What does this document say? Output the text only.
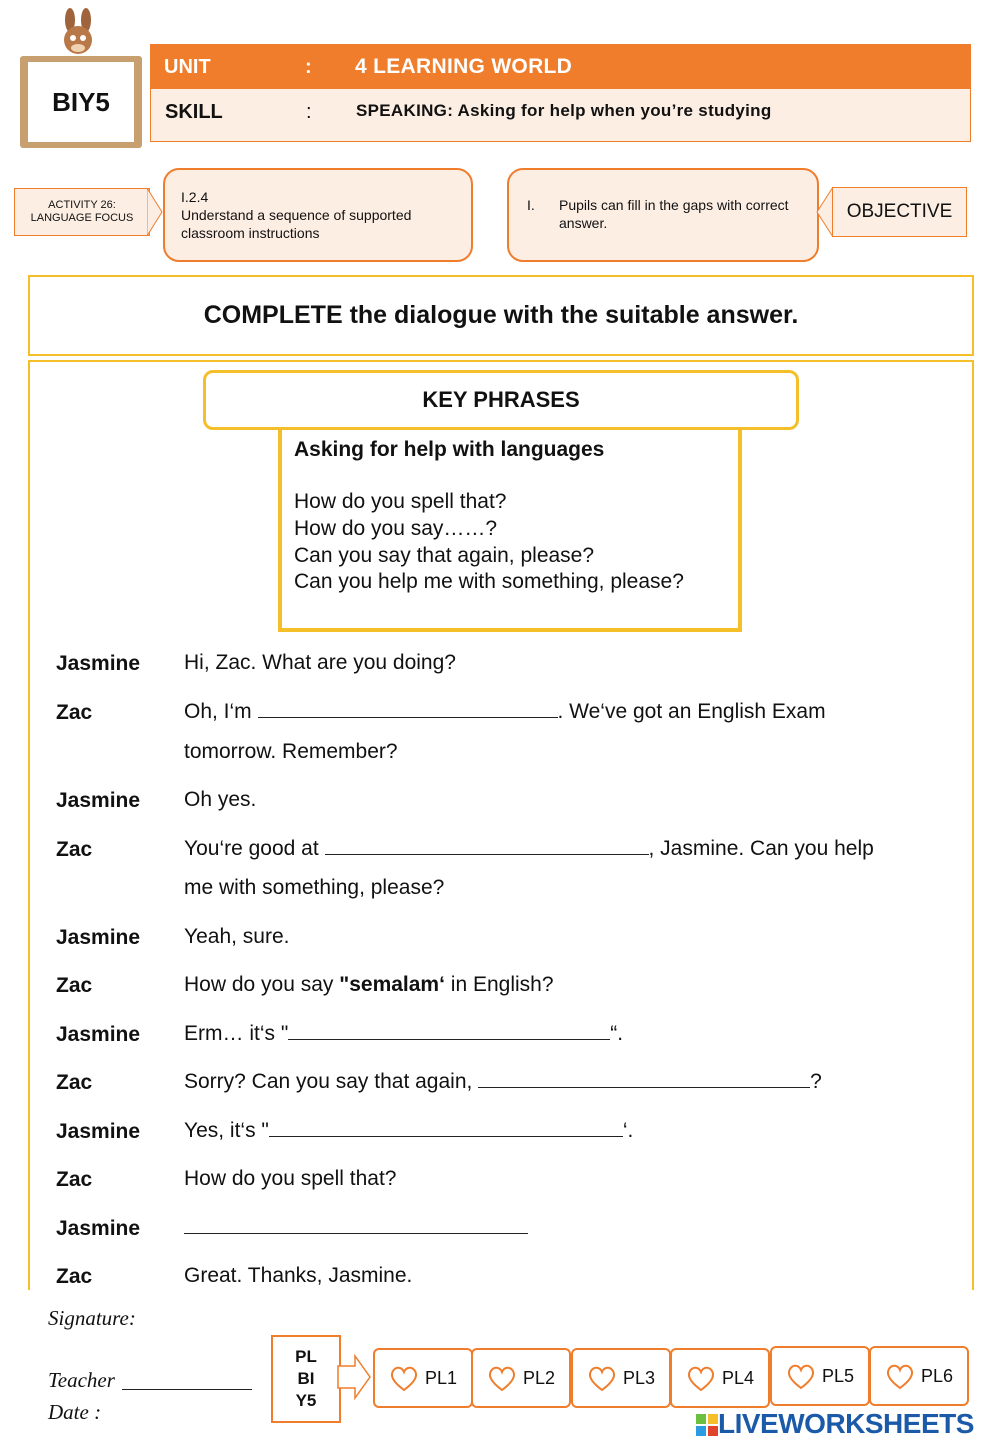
BIY5
UNIT	: 4 LEARNING WORLD
SKILL	:	SPEAKING: Asking for help when you’re studying
ACTIVITY 26:
LANGUAGE FOCUS
I.2.4
Understand a sequence of supported classroom instructions
I. Pupils can fill in the gaps with correct answer.
OBJECTIVE
COMPLETE the dialogue with the suitable answer.
Asking for help with languages
How do you spell that?
How do you say……?
Can you say that again, please?
Can you help me with something, please?
KEY PHRASES
Jasmine Hi, Zac. What are you doing?
Zac	Oh, I‘m	. We‘ve got an English Exam
tomorrow. Remember?
Jasmine Oh yes.
Zac	You‘re good at	, Jasmine. Can you help
me with something, please?
Jasmine Yeah, sure.
Zac	How do you say "semalam‘ in English?
Jasmine Erm… it‘s "	“.
Zac	Sorry? Can you say that again,	?
Jasmine Yes, it‘s "	‘.
Zac	How do you spell that?
Jasmine
Zac	Great. Thanks, Jasmine.
Signature:
Teacher
Date :
PL
BI
Y5
PL1	PL2	PL3	PL4	PL5	PL6
LIVEWORKSHEETS
